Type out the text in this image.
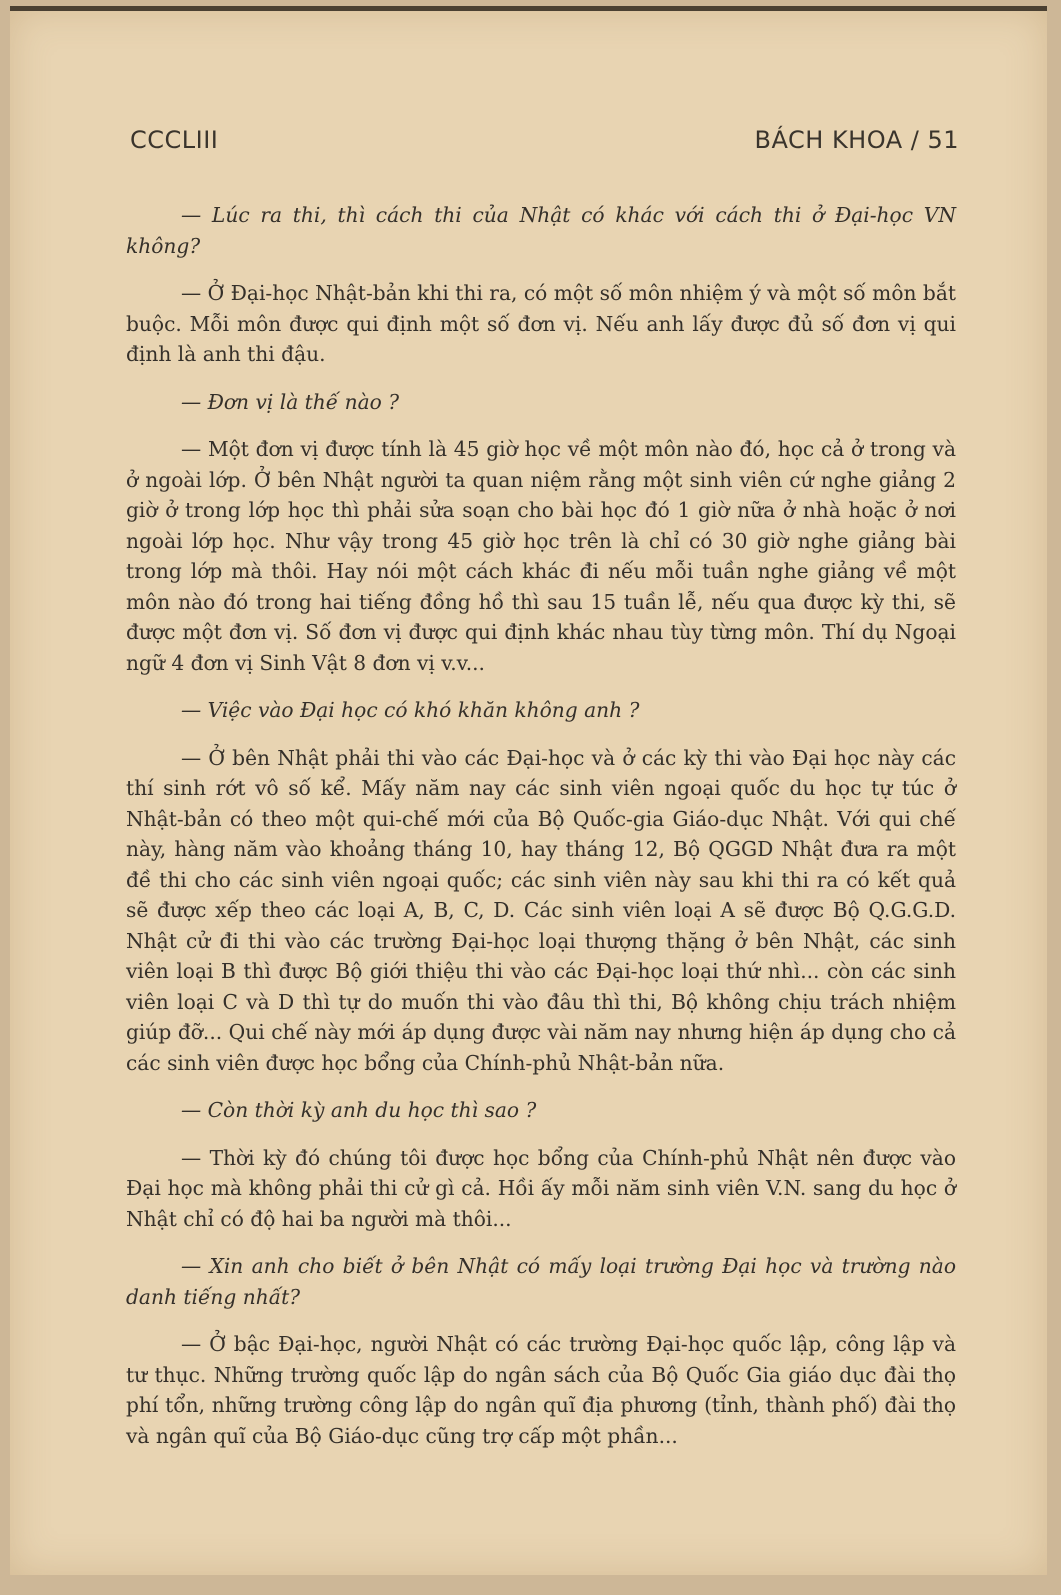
CCCLIII	BÁCH KHOA / 51

— Lúc ra thi, thì cách thi của Nhật có khác với cách thi ở Đại-học VN không?

— Ở Đại-học Nhật-bản khi thi ra, có một số môn nhiệm ý và một số môn bắt buộc. Mỗi môn được qui định một số đơn vị. Nếu anh lấy được đủ số đơn vị qui định là anh thi đậu.

— Đơn vị là thế nào ?

— Một đơn vị được tính là 45 giờ học về một môn nào đó, học cả ở trong và ở ngoài lớp. Ở bên Nhật người ta quan niệm rằng một sinh viên cứ nghe giảng 2 giờ ở trong lớp học thì phải sửa soạn cho bài học đó 1 giờ nữa ở nhà hoặc ở nơi ngoài lớp học. Như vậy trong 45 giờ học trên là chỉ có 30 giờ nghe giảng bài trong lớp mà thôi. Hay nói một cách khác đi nếu mỗi tuần nghe giảng về một môn nào đó trong hai tiếng đồng hồ thì sau 15 tuần lễ, nếu qua được kỳ thi, sẽ được một đơn vị. Số đơn vị được qui định khác nhau tùy từng môn. Thí dụ Ngoại ngữ 4 đơn vị Sinh Vật 8 đơn vị v.v...

— Việc vào Đại học có khó khăn không anh ?

— Ở bên Nhật phải thi vào các Đại-học và ở các kỳ thi vào Đại học này các thí sinh rớt vô số kể. Mấy năm nay các sinh viên ngoại quốc du học tự túc ở Nhật-bản có theo một qui-chế mới của Bộ Quốc-gia Giáo-dục Nhật. Với qui chế này, hàng năm vào khoảng tháng 10, hay tháng 12, Bộ QGGD Nhật đưa ra một đề thi cho các sinh viên ngoại quốc; các sinh viên này sau khi thi ra có kết quả sẽ được xếp theo các loại A, B, C, D. Các sinh viên loại A sẽ được Bộ Q.G.G.D. Nhật cử đi thi vào các trường Đại-học loại thượng thặng ở bên Nhật, các sinh viên loại B thì được Bộ giới thiệu thi vào các Đại-học loại thứ nhì... còn các sinh viên loại C và D thì tự do muốn thi vào đâu thì thi, Bộ không chịu trách nhiệm giúp đỡ... Qui chế này mới áp dụng được vài năm nay nhưng hiện áp dụng cho cả các sinh viên được học bổng của Chính-phủ Nhật-bản nữa.

— Còn thời kỳ anh du học thì sao ?

— Thời kỳ đó chúng tôi được học bổng của Chính-phủ Nhật nên được vào Đại học mà không phải thi cử gì cả. Hồi ấy mỗi năm sinh viên V.N. sang du học ở Nhật chỉ có độ hai ba người mà thôi...

— Xin anh cho biết ở bên Nhật có mấy loại trường Đại học và trường nào danh tiếng nhất?

— Ở bậc Đại-học, người Nhật có các trường Đại-học quốc lập, công lập và tư thục. Những trường quốc lập do ngân sách của Bộ Quốc Gia giáo dục đài thọ phí tổn, những trường công lập do ngân quĩ địa phương (tỉnh, thành phố) đài thọ và ngân quĩ của Bộ Giáo-dục cũng trợ cấp một phần...
